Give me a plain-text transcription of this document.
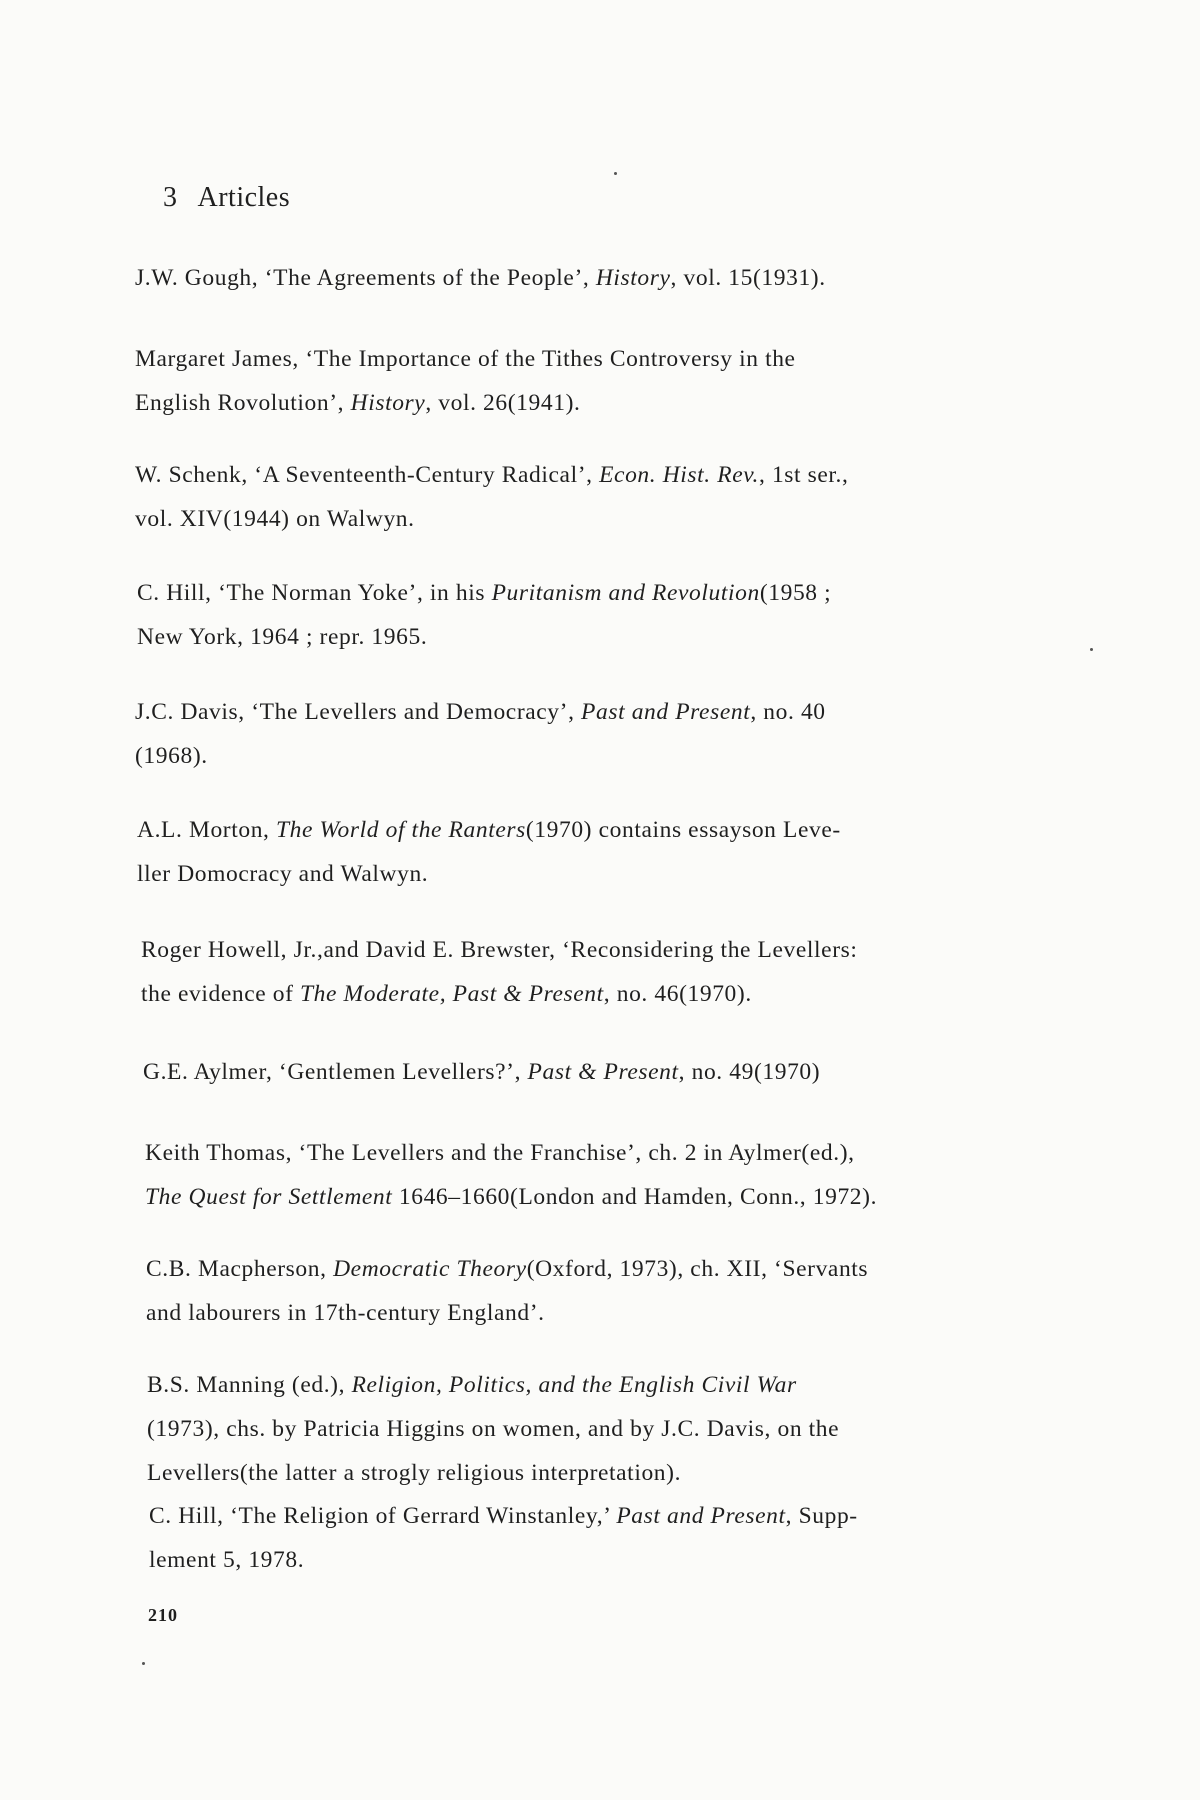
3 Articles

J.W. Gough, ‘The Agreements of the People’, History, vol. 15(1931).

Margaret James, ‘The Importance of the Tithes Controversy in the
English Rovolution’, History, vol. 26(1941).

W. Schenk, ‘A Seventeenth-Century Radical’, Econ. Hist. Rev., 1st ser.,
vol. XIV(1944) on Walwyn.

C. Hill, ‘The Norman Yoke’, in his Puritanism and Revolution(1958 ;
New York, 1964 ; repr. 1965.

J.C. Davis, ‘The Levellers and Democracy’, Past and Present, no. 40
(1968).

A.L. Morton, The World of the Ranters(1970) contains essayson Leve-
ller Domocracy and Walwyn.

Roger Howell, Jr.,and David E. Brewster, ‘Reconsidering the Levellers:
the evidence of The Moderate, Past & Present, no. 46(1970).

G.E. Aylmer, ‘Gentlemen Levellers?’, Past & Present, no. 49(1970)

Keith Thomas, ‘The Levellers and the Franchise’, ch. 2 in Aylmer(ed.),
The Quest for Settlement 1646–1660(London and Hamden, Conn., 1972).

C.B. Macpherson, Democratic Theory(Oxford, 1973), ch. XII, ‘Servants
and labourers in 17th-century England’.

B.S. Manning (ed.), Religion, Politics, and the English Civil War
(1973), chs. by Patricia Higgins on women, and by J.C. Davis, on the
Levellers(the latter a strogly religious interpretation).

C. Hill, ‘The Religion of Gerrard Winstanley,’ Past and Present, Supp-
lement 5, 1978.

210
